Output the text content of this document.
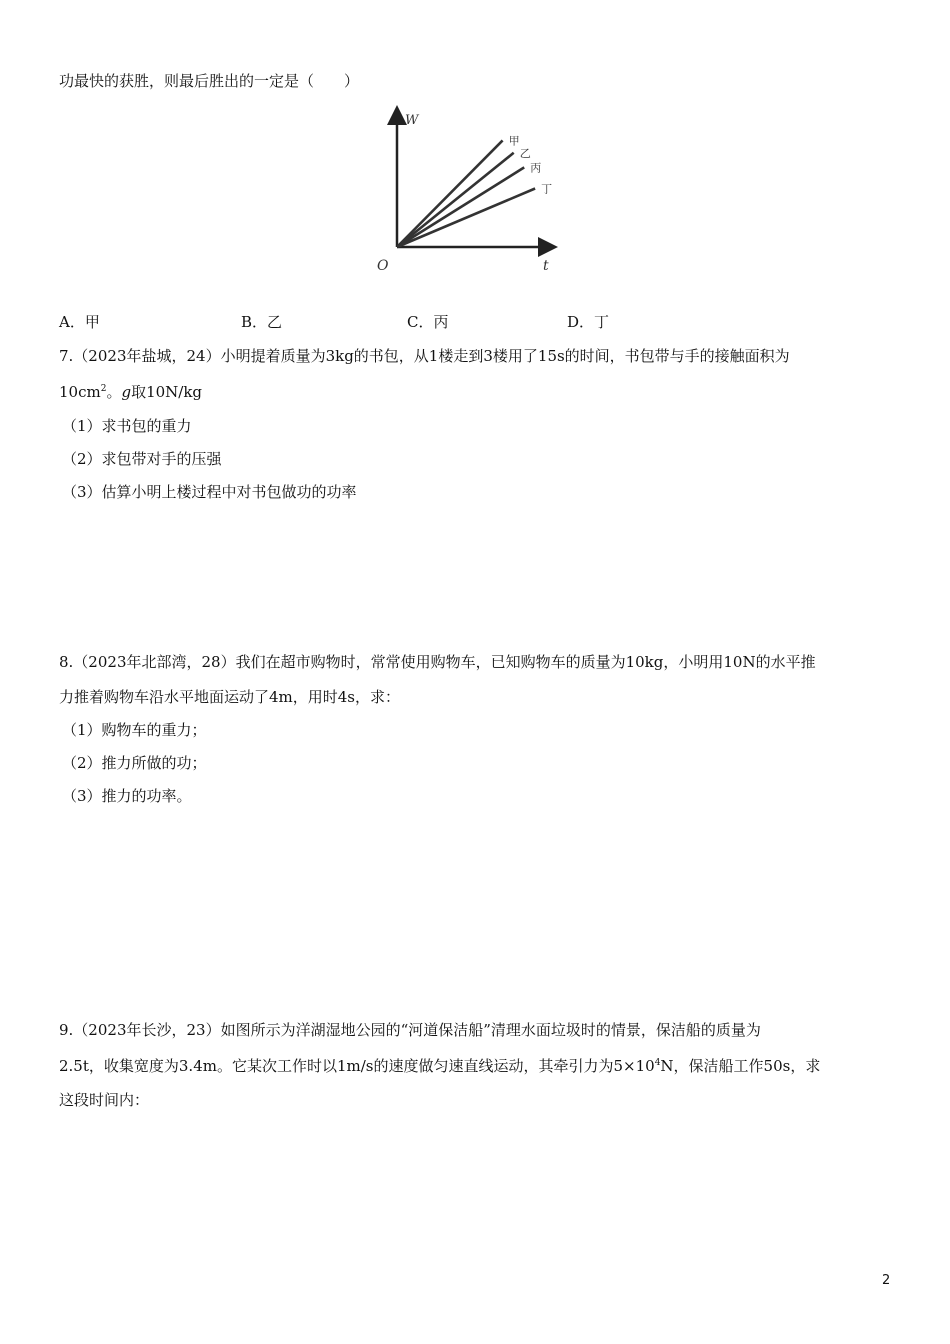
功最快的获胜，则最后胜出的一定是（　　）
W
t
O
甲
乙
丙
丁
A．甲	B．乙	C．丙	D．丁
7.（2023年盐城，24）小明提着质量为3kg的书包，从1楼走到3楼用了15s的时间，书包带与手的接触面积为
$10cm^2$。g取10N/kg
（1）求书包的重力
（2）求包带对手的压强
（3）估算小明上楼过程中对书包做功的功率
8.（2023年北部湾，28）我们在超市购物时，常常使用购物车，已知购物车的质量为10kg，小明用10N的水平推
力推着购物车沿水平地面运动了4m，用时4s，求：
（1）购物车的重力；
（2）推力所做的功；
（3）推力的功率。
9.（2023年长沙，23）如图所示为洋湖湿地公园的“河道保洁船”清理水面垃圾时的情景，保洁船的质量为
2.5t，收集宽度为3.4m。它某次工作时以1m/s的速度做匀速直线运动，其牵引力为$5\times 10^4N$，保洁船工作50s，求
这段时间内：
2
